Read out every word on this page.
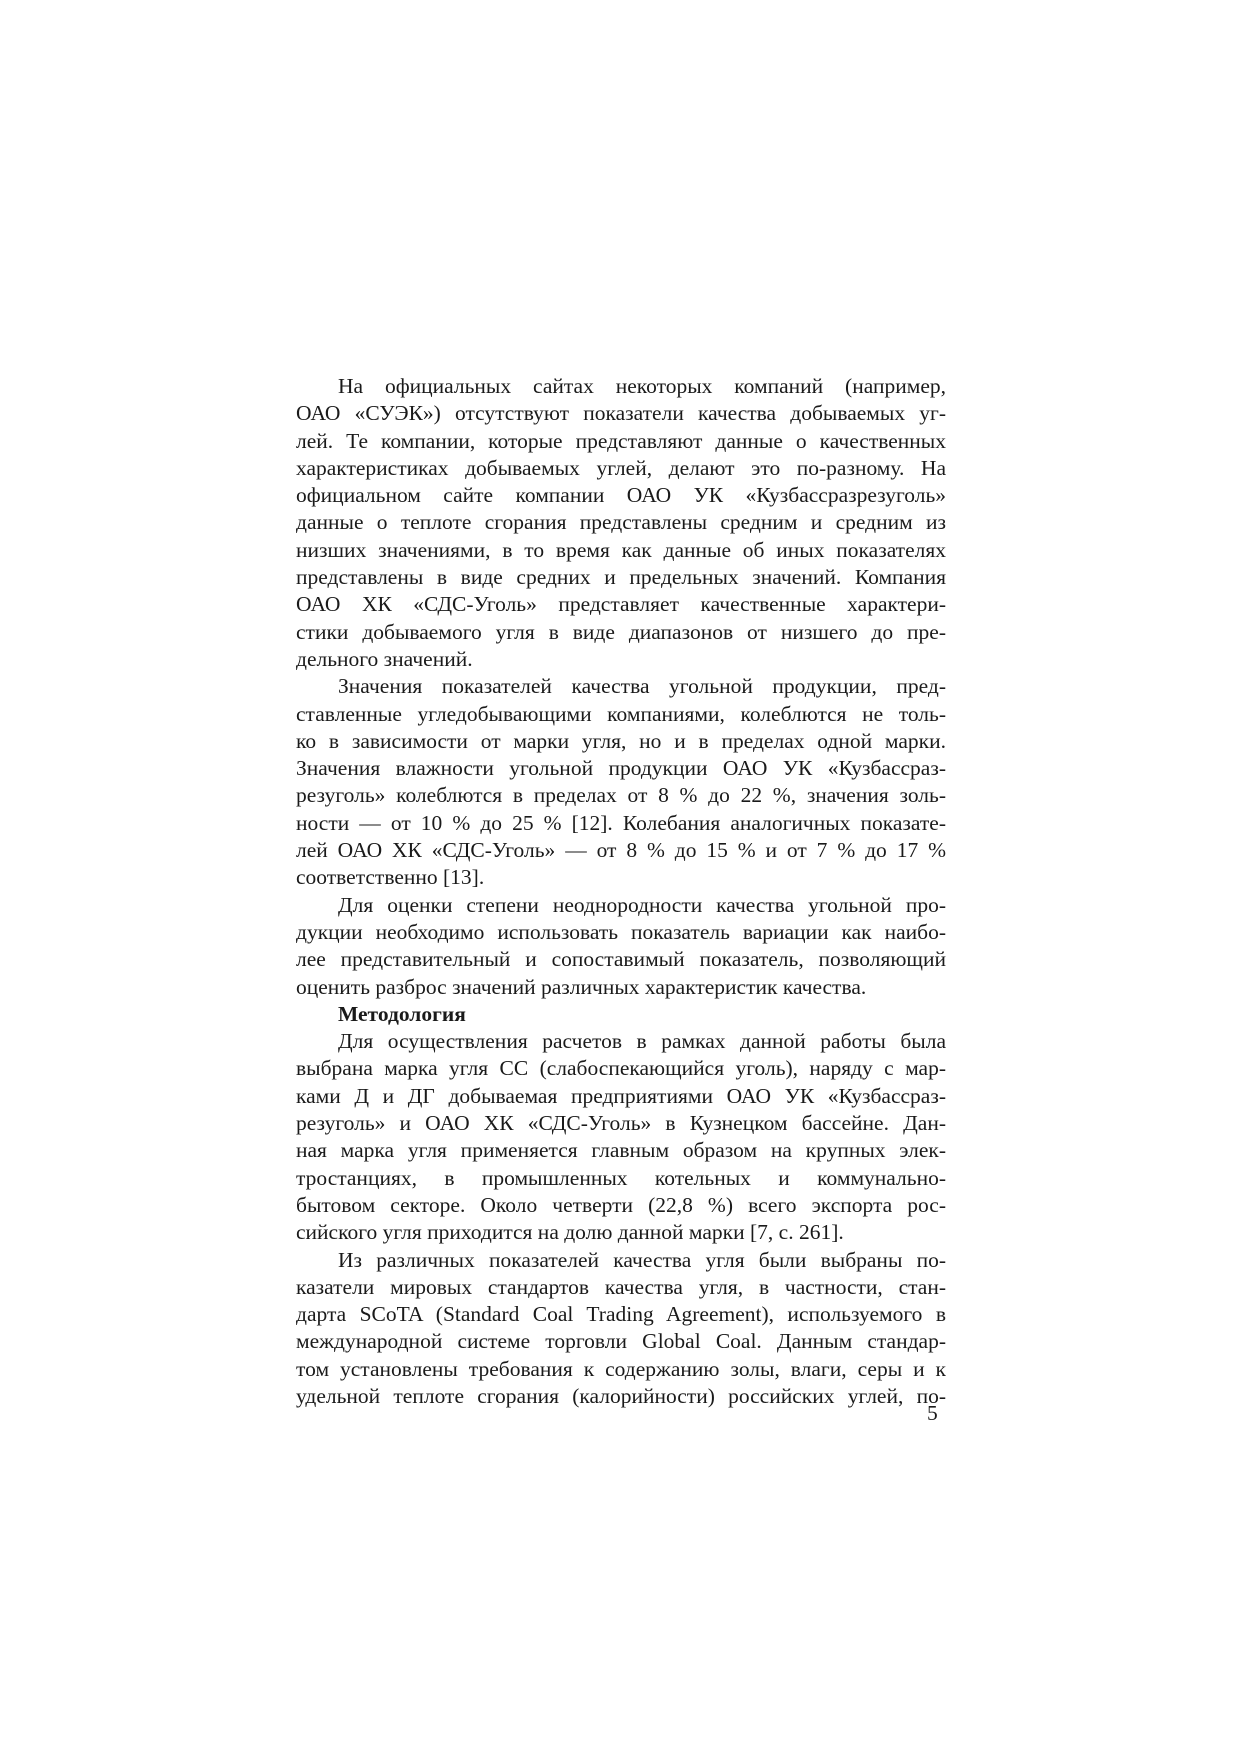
На официальных сайтах некоторых компаний (например,
ОАО «СУЭК») отсутствуют показатели качества добываемых уг-
лей. Те компании, которые представляют данные о качественных
характеристиках добываемых углей, делают это по-разному. На
официальном сайте компании ОАО УК «Кузбассразрезуголь»
данные о теплоте сгорания представлены средним и средним из
низших значениями, в то время как данные об иных показателях
представлены в виде средних и предельных значений. Компания
ОАО ХК «СДС-Уголь» представляет качественные характери-
стики добываемого угля в виде диапазонов от низшего до пре-
дельного значений.

Значения показателей качества угольной продукции, пред-
ставленные угледобывающими компаниями, колеблются не толь-
ко в зависимости от марки угля, но и в пределах одной марки.
Значения влажности угольной продукции ОАО УК «Кузбассраз-
резуголь» колеблются в пределах от 8 % до 22 %, значения золь-
ности — от 10 % до 25 % [12]. Колебания аналогичных показате-
лей ОАО ХК «СДС-Уголь» — от 8 % до 15 % и от 7 % до 17 %
соответственно [13].

Для оценки степени неоднородности качества угольной про-
дукции необходимо использовать показатель вариации как наибо-
лее представительный и сопоставимый показатель, позволяющий
оценить разброс значений различных характеристик качества.

Методология

Для осуществления расчетов в рамках данной работы была
выбрана марка угля СС (слабоспекающийся уголь), наряду с мар-
ками Д и ДГ добываемая предприятиями ОАО УК «Кузбассраз-
резуголь» и ОАО ХК «СДС-Уголь» в Кузнецком бассейне. Дан-
ная марка угля применяется главным образом на крупных элек-
тростанциях, в промышленных котельных и коммунально-
бытовом секторе. Около четверти (22,8 %) всего экспорта рос-
сийского угля приходится на долю данной марки [7, с. 261].

Из различных показателей качества угля были выбраны по-
казатели мировых стандартов качества угля, в частности, стан-
дарта SCoTA (Standard Coal Trading Agreement), используемого в
международной системе торговли Global Coal. Данным стандар-
том установлены требования к содержанию золы, влаги, серы и к
удельной теплоте сгорания (калорийности) российских углей, по-

5
